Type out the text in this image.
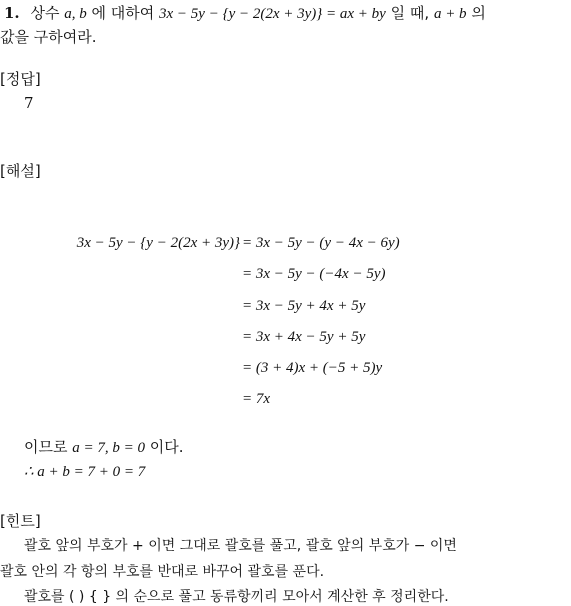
1. 상수 a, b 에 대하여 3x − 5y − {y − 2(2x + 3y)} = ax + by 일 때, a + b 의
값을 구하여라.
[정답]
7
[해설]
3x − 5y − {y − 2(2x + 3y)} = 3x − 5y − (y − 4x − 6y)
= 3x − 5y − (−4x − 5y)
= 3x − 5y + 4x + 5y
= 3x + 4x − 5y + 5y
= (3 + 4)x + (−5 + 5)y
= 7x
이므로 a = 7, b = 0 이다.
∴ a + b = 7 + 0 = 7
[힌트]
괄호 앞의 부호가 + 이면 그대로 괄호를 풀고, 괄호 앞의 부호가 − 이면
괄호 안의 각 항의 부호를 반대로 바꾸어 괄호를 푼다.
괄호를 ( ) { } 의 순으로 풀고 동류항끼리 모아서 계산한 후 정리한다.
